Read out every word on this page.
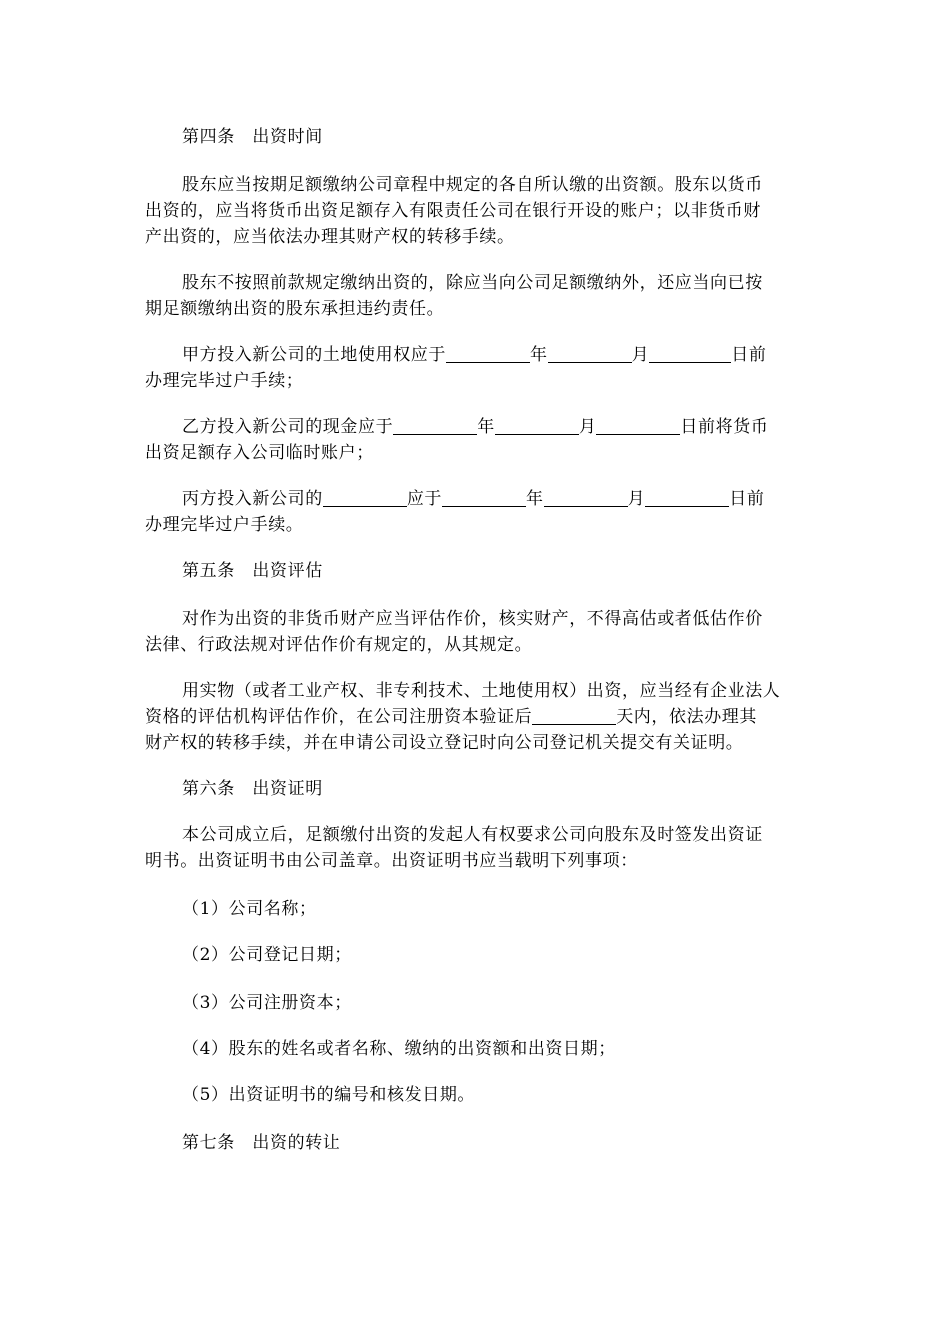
第四条　出资时间
股东应当按期足额缴纳公司章程中规定的各自所认缴的出资额。股东以货币
出资的，应当将货币出资足额存入有限责任公司在银行开设的账户；以非货币财
产出资的，应当依法办理其财产权的转移手续。
股东不按照前款规定缴纳出资的，除应当向公司足额缴纳外，还应当向已按
期足额缴纳出资的股东承担违约责任。
甲方投入新公司的土地使用权应于	年	月	日前
办理完毕过户手续；
乙方投入新公司的现金应于	年	月	日前将货币
出资足额存入公司临时账户；
丙方投入新公司的	应于	年	月	日前
办理完毕过户手续。
第五条　出资评估
对作为出资的非货币财产应当评估作价，核实财产，不得高估或者低估作价
法律、行政法规对评估作价有规定的，从其规定。
用实物（或者工业产权、非专利技术、土地使用权）出资，应当经有企业法人
资格的评估机构评估作价，在公司注册资本验证后	天内，依法办理其
财产权的转移手续，并在申请公司设立登记时向公司登记机关提交有关证明。
第六条　出资证明
本公司成立后，足额缴付出资的发起人有权要求公司向股东及时签发出资证
明书。出资证明书由公司盖章。出资证明书应当载明下列事项：
（1）公司名称；
（2）公司登记日期；
（3）公司注册资本；
（4）股东的姓名或者名称、缴纳的出资额和出资日期；
（5）出资证明书的编号和核发日期。
第七条　出资的转让
